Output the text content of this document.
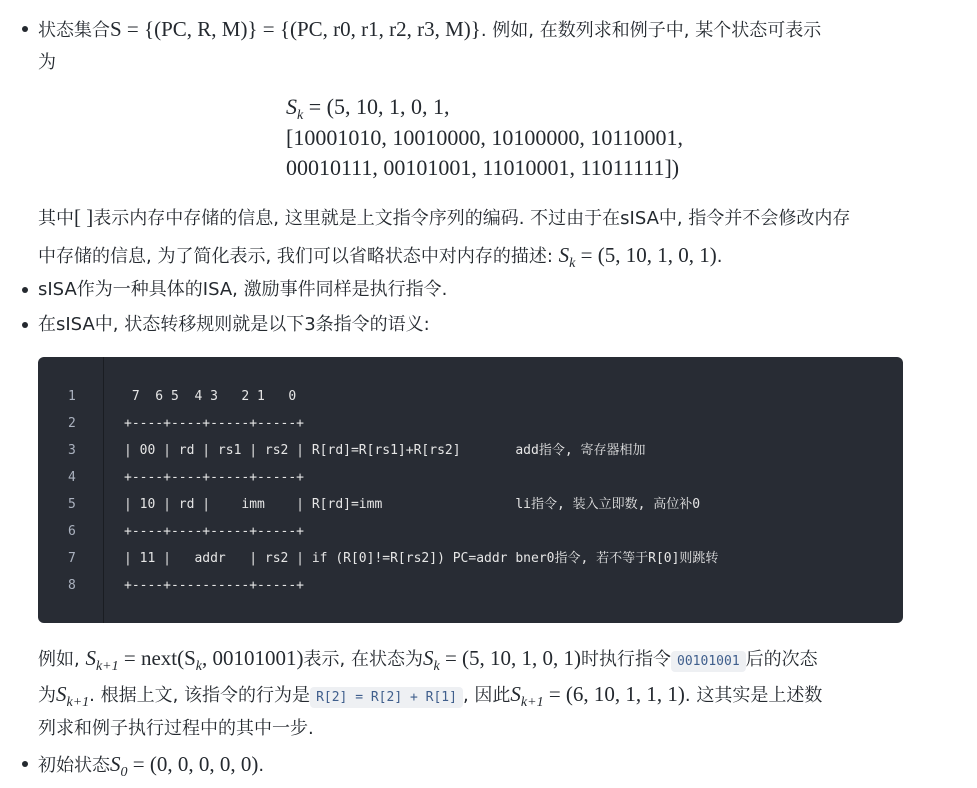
状态集合S = {(PC, R, M)} = {(PC, r0, r1, r2, r3, M)}. 例如, 在数列求和例子中, 某个状态可表示
为
$S_k = (5$, 10, 1, 0, 1,
[10001010, 10010000, 10100000, 10110001,
00010111, 00101001, 11010001, 11011111])
其中[ ]表示内存中存储的信息, 这里就是上文指令序列的编码. 不过由于在sISA中, 指令并不会修改内存
中存储的信息, 为了简化表示, 我们可以省略状态中对内存的描述: $S_k = (5$, 10, 1, 0, 1).
sISA作为一种具体的ISA, 激励事件同样是执行指令.
在sISA中, 状态转移规则就是以下3条指令的语义:
1
2
3
4
5
6
7
8
7  6 5  4 3   2 1   0
+----+----+-----+-----+
| 00 | rd | rs1 | rs2 | R[rd]=R[rs1]+R[rs2]       add指令, 寄存器相加
+----+----+-----+-----+
| 10 | rd |    imm    | R[rd]=imm                 li指令, 装入立即数, 高位补0
+----+----+-----+-----+
| 11 |   addr   | rs2 | if (R[0]!=R[rs2]) PC=addr bner0指令, 若不等于R[0]则跳转
+----+----------+-----+
例如, $S_{k+1}$ = $next(S_k$, 00101001)表示, 在状态为$S_k = (5$, 10, 1, 0, 1)时执行指令 00101001 后的次态
为$S_{k+1}$. 根据上文, 该指令的行为是 R[2] = R[2] + R[1] , 因此$S_{k+1} = (6$, 10, 1, 1, 1). 这其实是上述数
列求和例子执行过程中的其中一步.
初始状态$S_0 = (0$, 0, 0, 0, 0).
